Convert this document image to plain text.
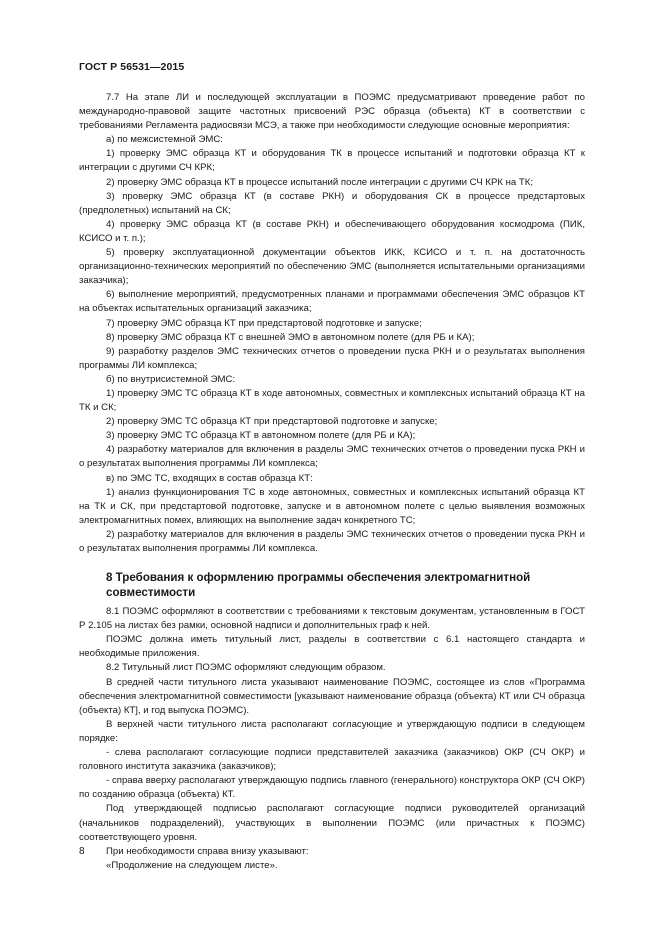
ГОСТ Р 56531—2015

7.7 На этапе ЛИ и последующей эксплуатации в ПОЭМС предусматривают проведение работ по международно-правовой защите частотных присвоений РЭС образца (объекта) КТ в соответствии с требованиями Регламента радиосвязи МСЭ, а также при необходимости следующие основные мероприятия:

а) по межсистемной ЭМС:

1) проверку ЭМС образца КТ и оборудования ТК в процессе испытаний и подготовки образца КТ к интеграции с другими СЧ КРК;

2) проверку ЭМС образца КТ в процессе испытаний после интеграции с другими СЧ КРК на ТК;

3) проверку ЭМС образца КТ (в составе РКН) и оборудования СК в процессе предстартовых (предполетных) испытаний на СК;

4) проверку ЭМС образца КТ (в составе РКН) и обеспечивающего оборудования космодрома (ПИК, КСИСО и т. п.);

5) проверку эксплуатационной документации объектов ИКК, КСИСО и т. п. на достаточность организационно-технических мероприятий по обеспечению ЭМС (выполняется испытательными организациями заказчика);

6) выполнение мероприятий, предусмотренных планами и программами обеспечения ЭМС образцов КТ на объектах испытательных организаций заказчика;

7) проверку ЭМС образца КТ при предстартовой подготовке и запуске;

8) проверку ЭМС образца КТ с внешней ЭМО в автономном полете (для РБ и КА);

9) разработку разделов ЭМС технических отчетов о проведении пуска РКН и о результатах выполнения программы ЛИ комплекса;

б) по внутрисистемной ЭМС:

1) проверку ЭМС ТС образца КТ в ходе автономных, совместных и комплексных испытаний образца КТ на ТК и СК;

2) проверку ЭМС ТС образца КТ при предстартовой подготовке и запуске;

3) проверку ЭМС ТС образца КТ в автономном полете (для РБ и КА);

4) разработку материалов для включения в разделы ЭМС технических отчетов о проведении пуска РКН и о результатах выполнения программы ЛИ комплекса;

в) по ЭМС ТС, входящих в состав образца КТ:

1) анализ функционирования ТС в ходе автономных, совместных и комплексных испытаний образца КТ на ТК и СК, при предстартовой подготовке, запуске и в автономном полете с целью выявления возможных электромагнитных помех, влияющих на выполнение задач конкретного ТС;

2) разработку материалов для включения в разделы ЭМС технических отчетов о проведении пуска РКН и о результатах выполнения программы ЛИ комплекса.

8 Требования к оформлению программы обеспечения электромагнитной совместимости

8.1 ПОЭМС оформляют в соответствии с требованиями к текстовым документам, установленным в ГОСТ Р 2.105 на листах без рамки, основной надписи и дополнительных граф к ней.

ПОЭМС должна иметь титульный лист, разделы в соответствии с 6.1 настоящего стандарта и необходимые приложения.

8.2 Титульный лист ПОЭМС оформляют следующим образом.

В средней части титульного листа указывают наименование ПОЭМС, состоящее из слов «Программа обеспечения электромагнитной совместимости [указывают наименование образца (объекта) КТ или СЧ образца (объекта) КТ], и год выпуска ПОЭМС).

В верхней части титульного листа располагают согласующие и утверждающую подписи в следующем порядке:

- слева располагают согласующие подписи представителей заказчика (заказчиков) ОКР (СЧ ОКР) и головного института заказчика (заказчиков);

- справа вверху располагают утверждающую подпись главного (генерального) конструктора ОКР (СЧ ОКР) по созданию образца (объекта) КТ.

Под утверждающей подписью располагают согласующие подписи руководителей организаций (начальников подразделений), участвующих в выполнении ПОЭМС (или причастных к ПОЭМС) соответствующего уровня.

При необходимости справа внизу указывают:

«Продолжение на следующем листе».

8
